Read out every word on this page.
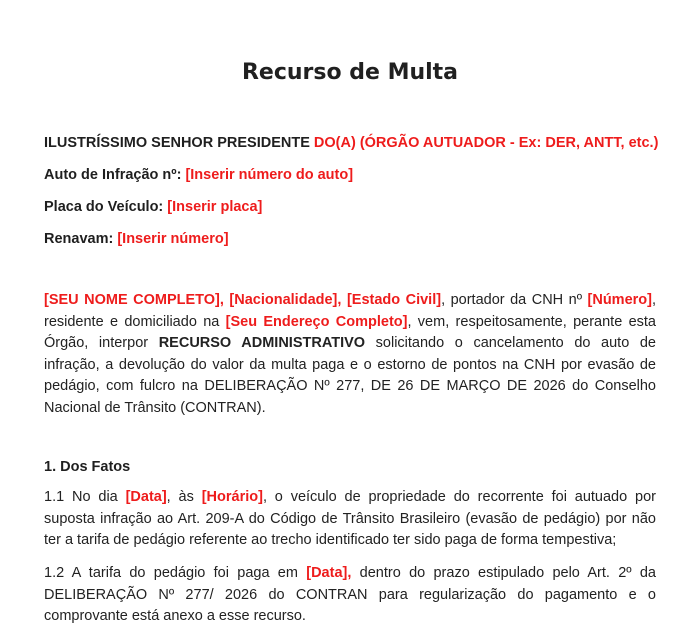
Recurso de Multa
ILUSTRÍSSIMO SENHOR PRESIDENTE DO(A) (ÓRGÃO AUTUADOR - Ex: DER, ANTT, etc.)
Auto de Infração nº: [Inserir número do auto]
Placa do Veículo: [Inserir placa]
Renavam: [Inserir número]
[SEU NOME COMPLETO], [Nacionalidade], [Estado Civil], portador da CNH nº [Número], residente e domiciliado na [Seu Endereço Completo], vem, respeitosamente, perante esta Órgão, interpor RECURSO ADMINISTRATIVO solicitando o cancelamento do auto de infração, a devolução do valor da multa paga e o estorno de pontos na CNH por evasão de pedágio, com fulcro na DELIBERAÇÃO Nº 277, DE 26 DE MARÇO DE 2026 do Conselho Nacional de Trânsito (CONTRAN).
1. Dos Fatos
1.1 No dia [Data], às [Horário], o veículo de propriedade do recorrente foi autuado por suposta infração ao Art. 209-A do Código de Trânsito Brasileiro (evasão de pedágio) por não ter a tarifa de pedágio referente ao trecho identificado ter sido paga de forma tempestiva;
1.2 A tarifa do pedágio foi paga em [Data], dentro do prazo estipulado pelo Art. 2º da DELIBERAÇÃO Nº 277/ 2026 do CONTRAN para regularização do pagamento e o comprovante está anexo a esse recurso.
